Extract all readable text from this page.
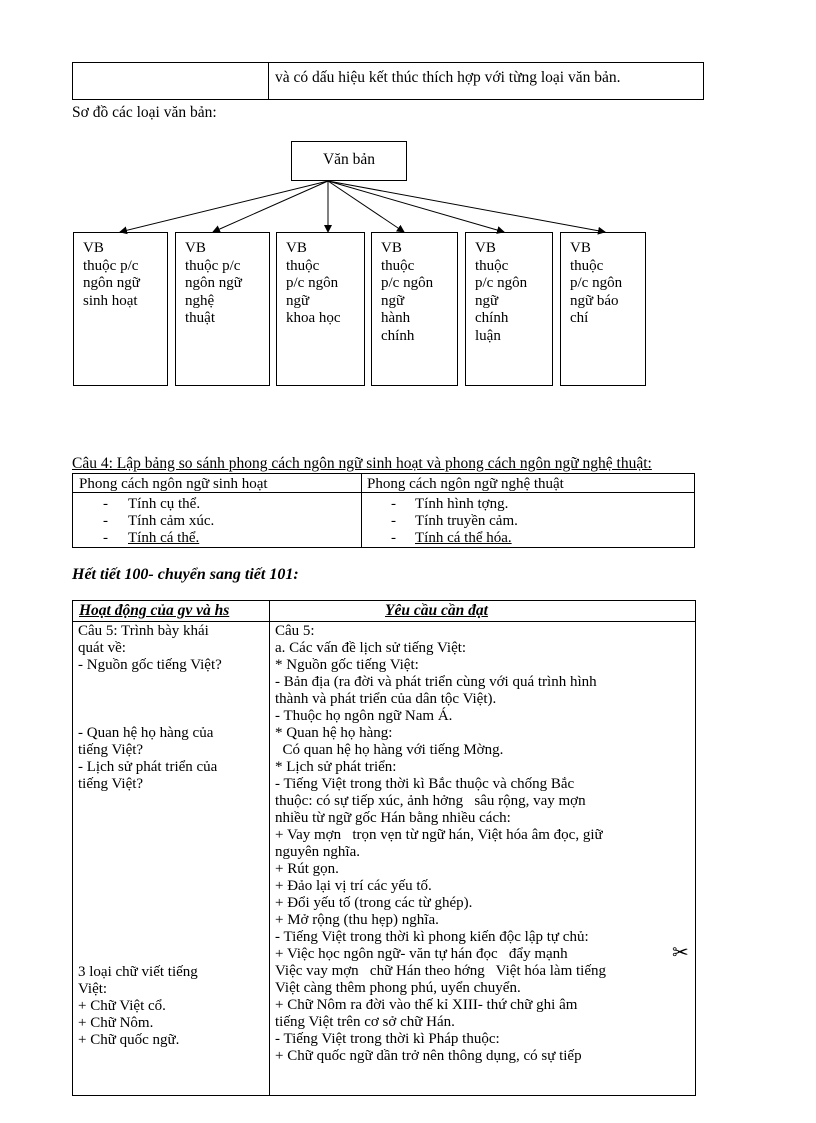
và có dấu hiệu kết thúc thích hợp với từng loại văn bản.
Sơ đồ các loại văn bản:
Văn bản
VB
thuộc p/c
ngôn ngữ
sinh hoạt
VB
thuộc p/c
ngôn ngữ
nghệ
thuật
VB
thuộc
p/c ngôn
ngữ
khoa học
VB
thuộc
p/c ngôn
ngữ
hành
chính
VB
thuộc
p/c ngôn
ngữ
chính
luận
VB
thuộc
p/c ngôn
ngữ báo
chí
Câu 4: Lập bảng so sánh phong cách ngôn ngữ sinh hoạt và phong cách ngôn ngữ nghệ thuật:
Phong cách ngôn ngữ sinh hoạt	Phong cách ngôn ngữ nghệ thuật
- Tính cụ thể.
- Tính cảm xúc.
- Tính cá thể.
- Tính hình tợng.
- Tính truyền cảm.
- Tính cá thể hóa.
Hết tiết 100- chuyển sang tiết 101:
Hoạt động của gv và hs	Yêu cầu cần đạt
Câu 5: Trình bày khái
quát về:
- Nguồn gốc tiếng Việt?
- Quan hệ họ hàng của
tiếng Việt?
- Lịch sử phát triển của
tiếng Việt?
3 loại chữ viết tiếng
Việt:
+ Chữ Việt cổ.
+ Chữ Nôm.
+ Chữ quốc ngữ.
Câu 5:
a. Các vấn đề lịch sử tiếng Việt:
* Nguồn gốc tiếng Việt:
- Bản địa (ra đời và phát triển cùng với quá trình hình
thành và phát triển của dân tộc Việt).
- Thuộc họ ngôn ngữ Nam Á.
* Quan hệ họ hàng:
Có quan hệ họ hàng với tiếng Mờng.
* Lịch sử phát triển:
- Tiếng Việt trong thời kì Bắc thuộc và chống Bắc
thuộc: có sự tiếp xúc, ảnh hởng   sâu rộng, vay mợn
nhiều từ ngữ gốc Hán bằng nhiều cách:
+ Vay mợn   trọn vẹn từ ngữ hán, Việt hóa âm đọc, giữ
nguyên nghĩa.
+ Rút gọn.
+ Đảo lại vị trí các yếu tố.
+ Đổi yếu tố (trong các từ ghép).
+ Mở rộng (thu hẹp) nghĩa.
- Tiếng Việt trong thời kì phong kiến độc lập tự chủ:
+ Việc học ngôn ngữ- văn tự hán đọc   đẩy mạnh
Việc vay mợn   chữ Hán theo hớng   Việt hóa làm tiếng
Việt càng thêm phong phú, uyển chuyển.
+ Chữ Nôm ra đời vào thế kỉ XIII- thứ chữ ghi âm
tiếng Việt trên cơ sở chữ Hán.
- Tiếng Việt trong thời kì Pháp thuộc:
+ Chữ quốc ngữ dần trở nên thông dụng, có sự tiếp
✂
